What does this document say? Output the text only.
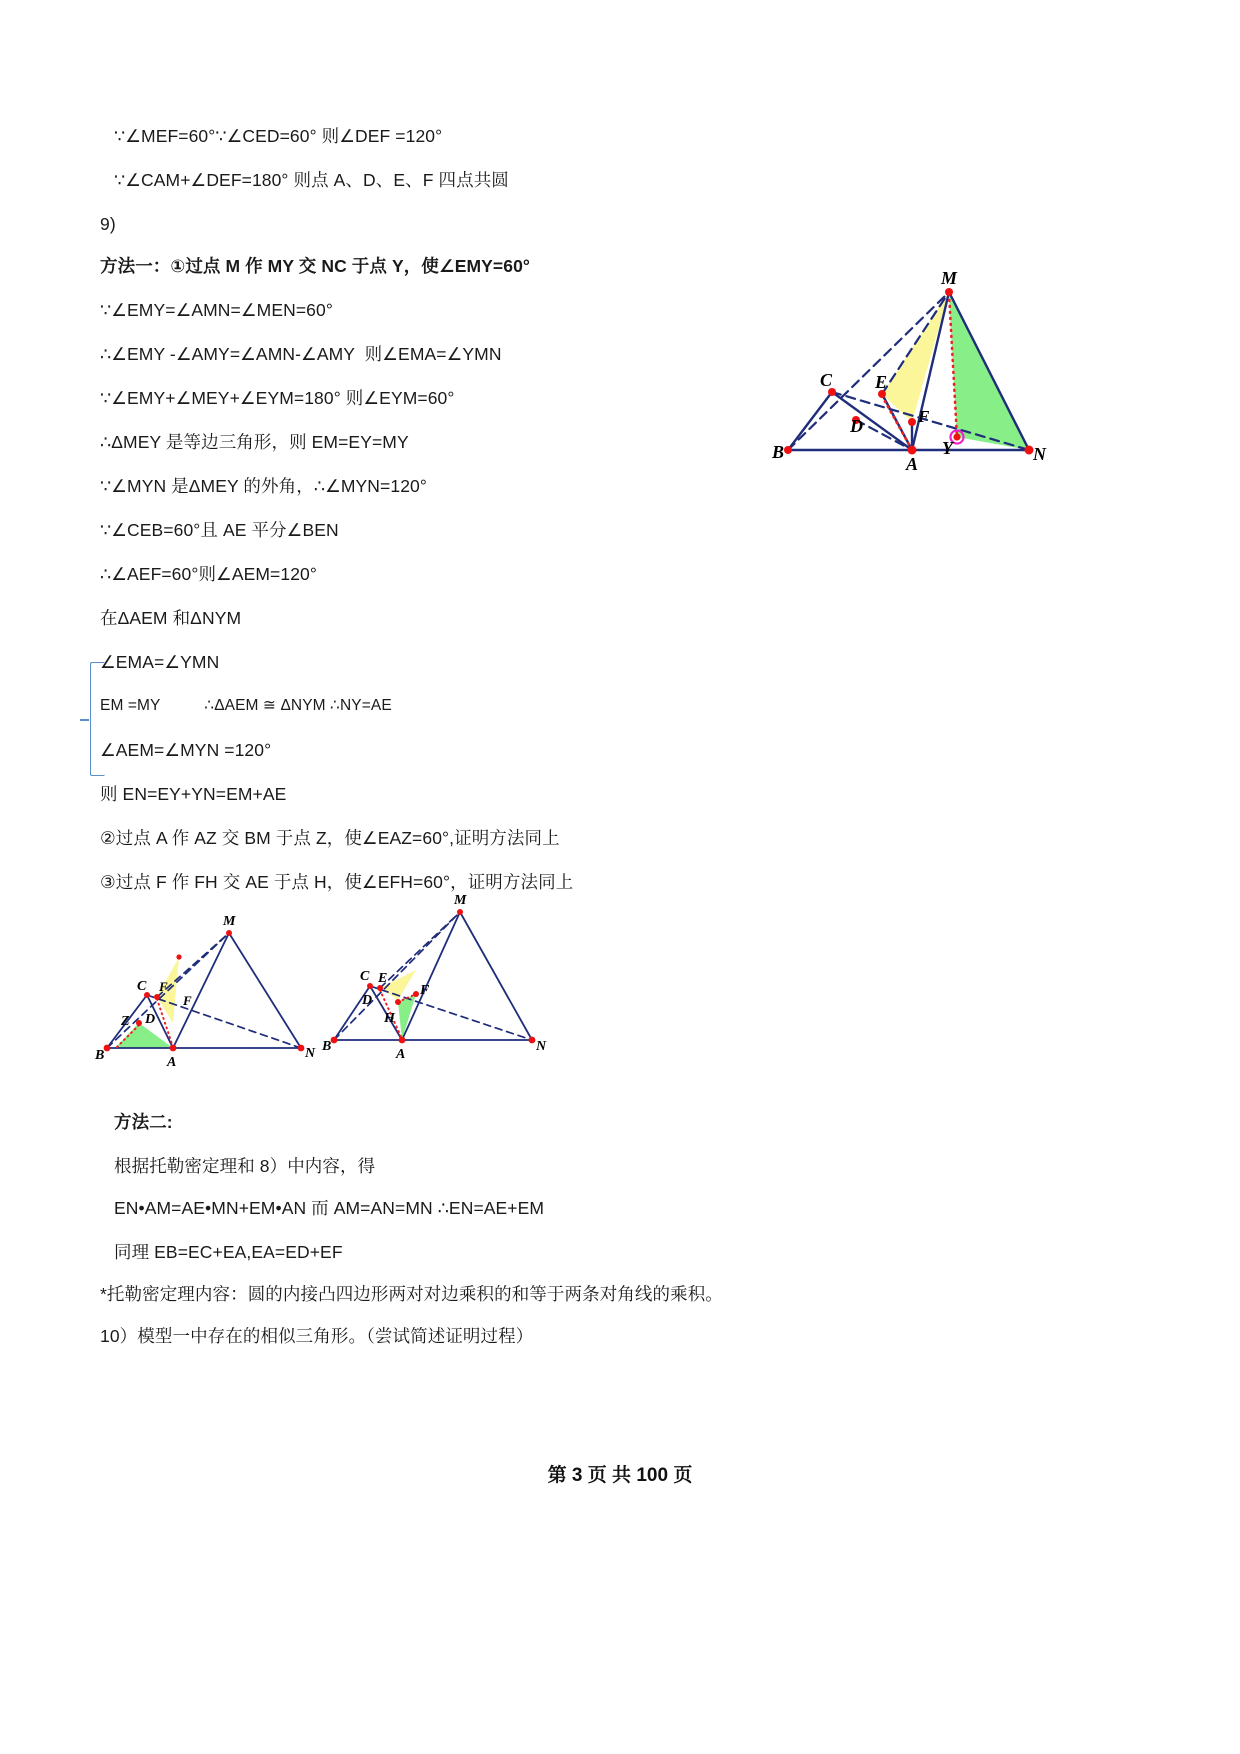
∵∠MEF=60°∵∠CED=60° 则∠DEF =120°
∵∠CAM+∠DEF=180° 则点 A、D、E、F 四点共圆
9)
方法一：①过点 M 作 MY 交 NC 于点 Y，使∠EMY=60°
∵∠EMY=∠AMN=∠MEN=60°
∴∠EMY -∠AMY=∠AMN-∠AMY  则∠EMA=∠YMN
∵∠EMY+∠MEY+∠EYM=180° 则∠EYM=60°
∴ΔMEY 是等边三角形，则 EM=EY=MY
∵∠MYN 是ΔMEY 的外角，∴∠MYN=120°
∵∠CEB=60°且 AE 平分∠BEN
∴∠AEF=60°则∠AEM=120°
在ΔAEM 和ΔNYM
∠EMA=∠YMN
EM =MY          ∴ΔAEM ≅ ΔNYM ∴NY=AE
∠AEM=∠MYN =120°
则 EN=EY+YN=EM+AE
②过点 A 作 AZ 交 BM 于点 Z，使∠EAZ=60°,证明方法同上
③过点 F 作 FH 交 AE 于点 H，使∠EFH=60°，证明方法同上
方法二:
根据托勒密定理和 8）中内容，得
EN•AM=AE•MN+EM•AN 而 AM=AN=MN ∴EN=AE+EM
同理 EB=EC+EA,EA=ED+EF
*托勒密定理内容：圆的内接凸四边形两对对边乘积的和等于两条对角线的乘积。
10）模型一中存在的相似三角形。（尝试简述证明过程）
M
C E
F
D
B
A
Y	N
M
C F
F
Z D
B	A
N
M
C E
F
D
H
B
A
N
第 3 页 共 100 页
